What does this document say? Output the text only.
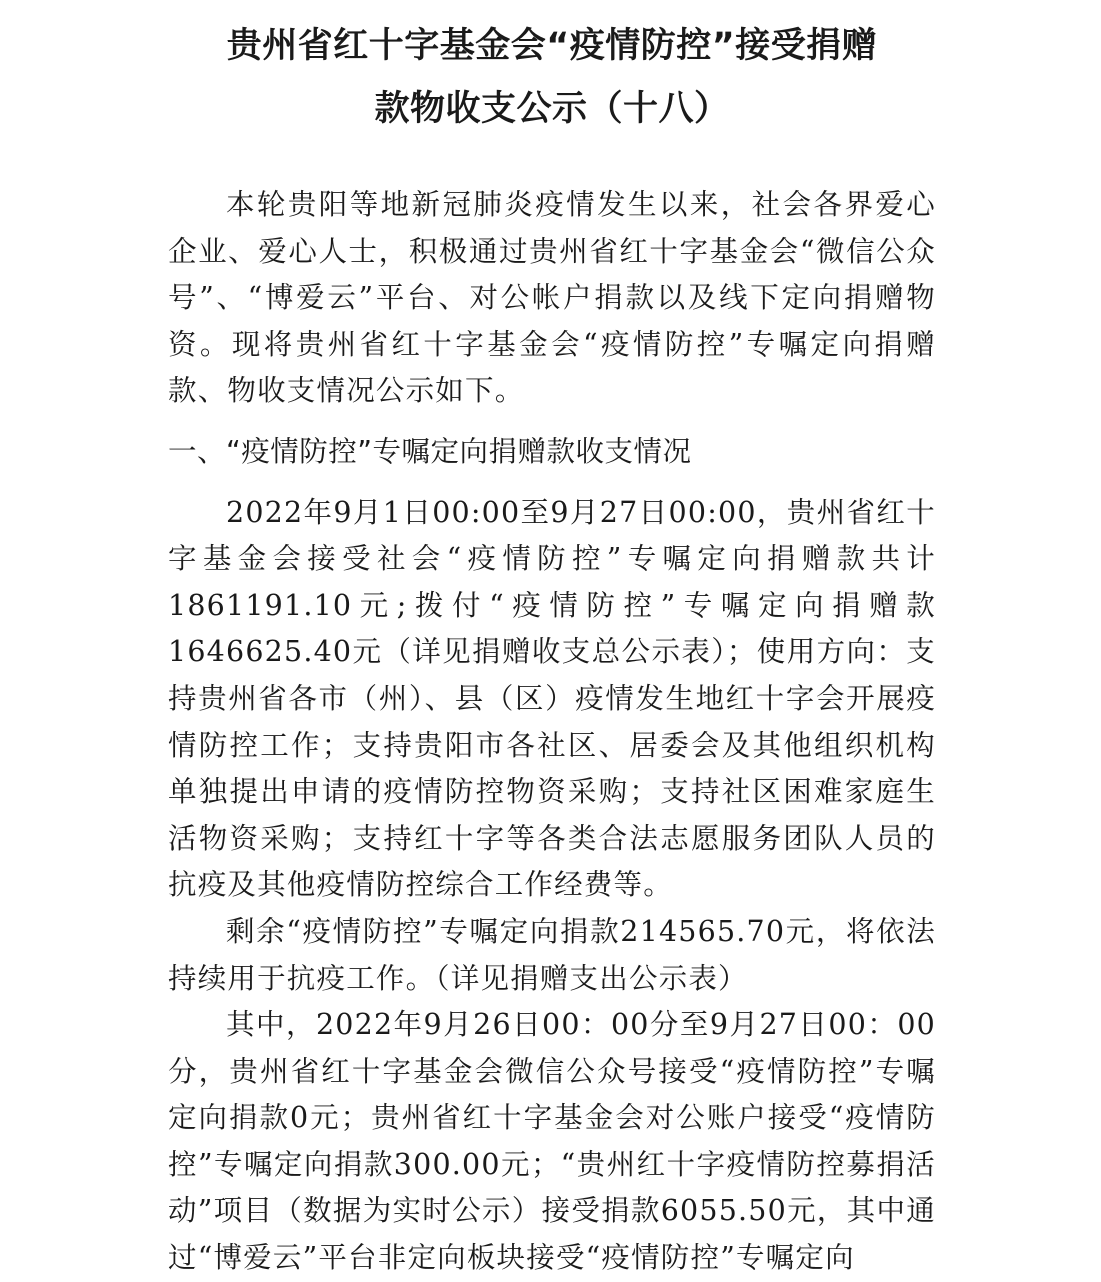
贵州省红十字基金会“疫情防控”接受捐赠
款物收支公示（十八）

本轮贵阳等地新冠肺炎疫情发生以来，社会各界爱心企业、爱心人士，积极通过贵州省红十字基金会“微信公众号”、“博爱云”平台、对公帐户捐款以及线下定向捐赠物资。现将贵州省红十字基金会“疫情防控”专嘱定向捐赠款、物收支情况公示如下。

一、“疫情防控”专嘱定向捐赠款收支情况

2022年9月1日00:00至9月27日00:00，贵州省红十字基金会接受社会“疫情防控”专嘱定向捐赠款共计1861191.10元;拨付“疫情防控”专嘱定向捐赠款1646625.40元（详见捐赠收支总公示表）；使用方向：支持贵州省各市（州）、县（区）疫情发生地红十字会开展疫情防控工作；支持贵阳市各社区、居委会及其他组织机构单独提出申请的疫情防控物资采购；支持社区困难家庭生活物资采购；支持红十字等各类合法志愿服务团队人员的抗疫及其他疫情防控综合工作经费等。

剩余“疫情防控”专嘱定向捐款214565.70元，将依法持续用于抗疫工作。（详见捐赠支出公示表）

其中，2022年9月26日00：00分至9月27日00：00分，贵州省红十字基金会微信公众号接受“疫情防控”专嘱定向捐款0元；贵州省红十字基金会对公账户接受“疫情防控”专嘱定向捐款300.00元；“贵州红十字疫情防控募捐活动”项目（数据为实时公示）接受捐款6055.50元，其中通过“博爱云”平台非定向板块接受“疫情防控”专嘱定向
